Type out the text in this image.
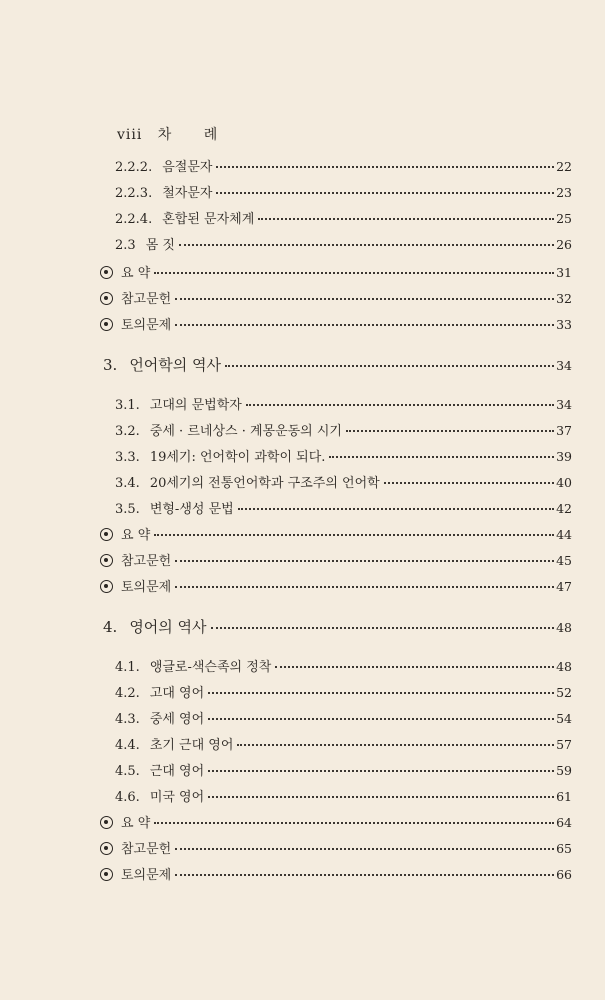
viii 차 례
2.2.2. 음절문자	22
2.2.3. 철자문자	23
2.2.4. 혼합된 문자체계	25
2.3 몸 짓	26
요 약	31
참고문헌	32
토의문제	33
3. 언어학의 역사	34
3.1. 고대의 문법학자	34
3.2. 중세 · 르네상스 · 계몽운동의 시기	37
3.3. 19세기: 언어학이 과학이 되다.	39
3.4. 20세기의 전통언어학과 구조주의 언어학	40
3.5. 변형-생성 문법	42
요 약	44
참고문헌	45
토의문제	47
4. 영어의 역사	48
4.1. 앵글로-색슨족의 정착	48
4.2. 고대 영어	52
4.3. 중세 영어	54
4.4. 초기 근대 영어	57
4.5. 근대 영어	59
4.6. 미국 영어	61
요 약	64
참고문헌	65
토의문제	66
